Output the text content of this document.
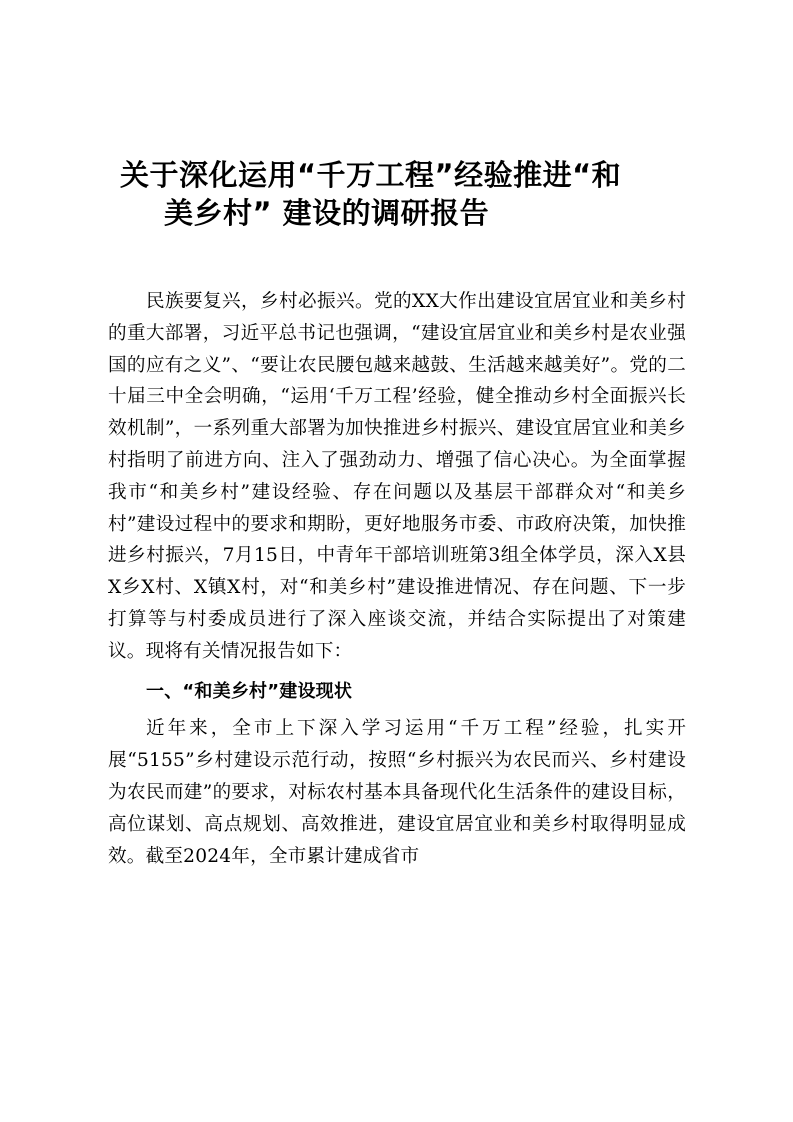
关于深化运用“千万工程”经验推进“和
美乡村” 建设的调研报告

民族要复兴，乡村必振兴。党的XX大作出建设宜居宜业和美乡村的重大部署，习近平总书记也强调，“建设宜居宜业和美乡村是农业强国的应有之义”、“要让农民腰包越来越鼓、生活越来越美好”。党的二十届三中全会明确，“运用‘千万工程’经验，健全推动乡村全面振兴长效机制”，一系列重大部署为加快推进乡村振兴、建设宜居宜业和美乡村指明了前进方向、注入了强劲动力、增强了信心决心。为全面掌握我市“和美乡村”建设经验、存在问题以及基层干部群众对“和美乡村”建设过程中的要求和期盼，更好地服务市委、市政府决策，加快推进乡村振兴，7月15日，中青年干部培训班第3组全体学员，深入X县X乡X村、X镇X村，对“和美乡村”建设推进情况、存在问题、下一步打算等与村委成员进行了深入座谈交流，并结合实际提出了对策建议。现将有关情况报告如下：

一、“和美乡村”建设现状

近年来，全市上下深入学习运用“千万工程”经验，扎实开展“5155”乡村建设示范行动，按照“乡村振兴为农民而兴、乡村建设为农民而建”的要求，对标农村基本具备现代化生活条件的建设目标，高位谋划、高点规划、高效推进，建设宜居宜业和美乡村取得明显成效。截至2024年，全市累计建成省市
